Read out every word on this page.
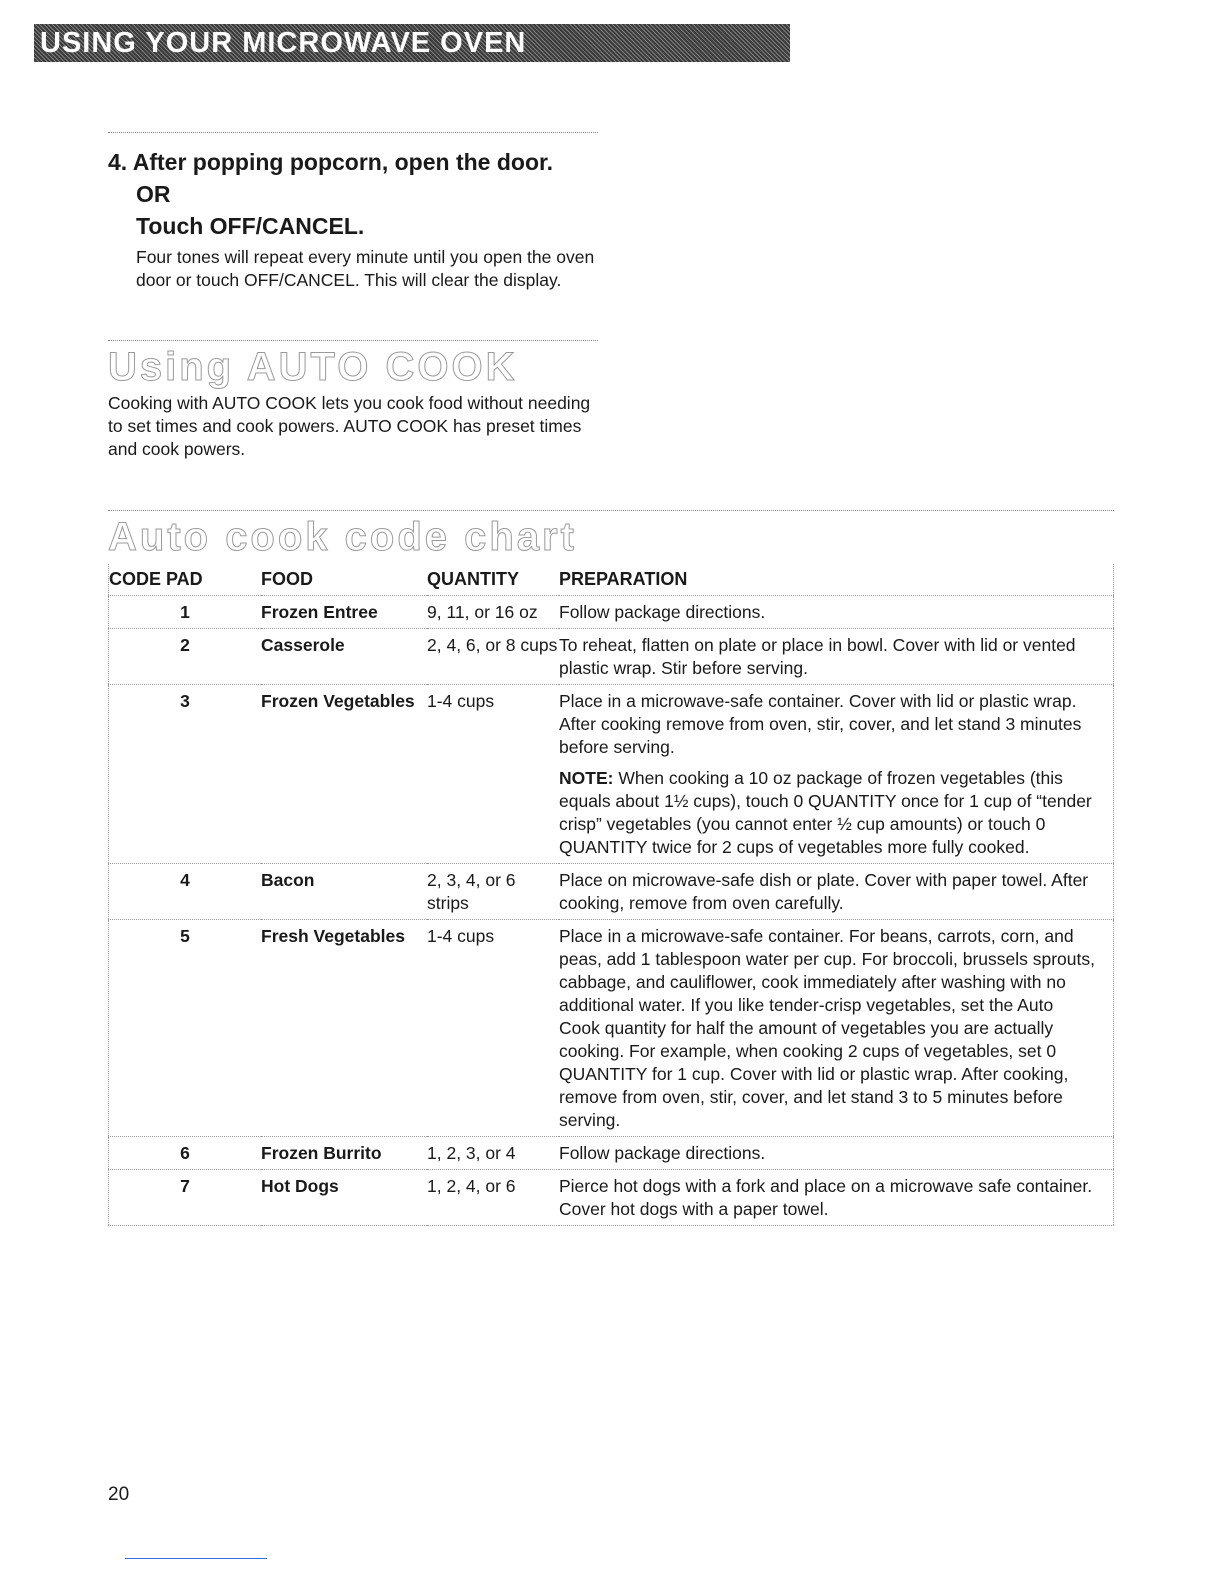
USING YOUR MICROWAVE OVEN
4. After popping popcorn, open the door.
OR
Touch OFF/CANCEL.
Four tones will repeat every minute until you open the oven door or touch OFF/CANCEL. This will clear the display.
Using AUTO COOK
Cooking with AUTO COOK lets you cook food without needing to set times and cook powers. AUTO COOK has preset times and cook powers.
Auto cook code chart
CODE PAD	FOOD	QUANTITY	PREPARATION
1	Frozen Entree	9, 11, or 16 oz	Follow package directions.
2	Casserole	2, 4, 6, or 8 cups	To reheat, flatten on plate or place in bowl. Cover with lid or vented plastic wrap. Stir before serving.
3	Frozen Vegetables	1-4 cups	Place in a microwave-safe container. Cover with lid or plastic wrap. After cooking remove from oven, stir, cover, and let stand 3 minutes before serving.
NOTE: When cooking a 10 oz package of frozen vegetables (this equals about 1½ cups), touch 0 QUANTITY once for 1 cup of “tender crisp” vegetables (you cannot enter ½ cup amounts) or touch 0 QUANTITY twice for 2 cups of vegetables more fully cooked.

4	Bacon	2, 3, 4, or 6 strips	Place on microwave-safe dish or plate. Cover with paper towel. After cooking, remove from oven carefully.
5	Fresh Vegetables	1-4 cups	Place in a microwave-safe container. For beans, carrots, corn, and peas, add 1 tablespoon water per cup. For broccoli, brussels sprouts, cabbage, and cauliflower, cook immediately after washing with no additional water. If you like tender-crisp vegetables, set the Auto Cook quantity for half the amount of vegetables you are actually cooking. For example, when cooking 2 cups of vegetables, set 0 QUANTITY for 1 cup. Cover with lid or plastic wrap. After cooking, remove from oven, stir, cover, and let stand 3 to 5 minutes before serving.
6	Frozen Burrito	1, 2, 3, or 4	Follow package directions.
7	Hot Dogs	1, 2, 4, or 6	Pierce hot dogs with a fork and place on a microwave safe container. Cover hot dogs with a paper towel.
20
